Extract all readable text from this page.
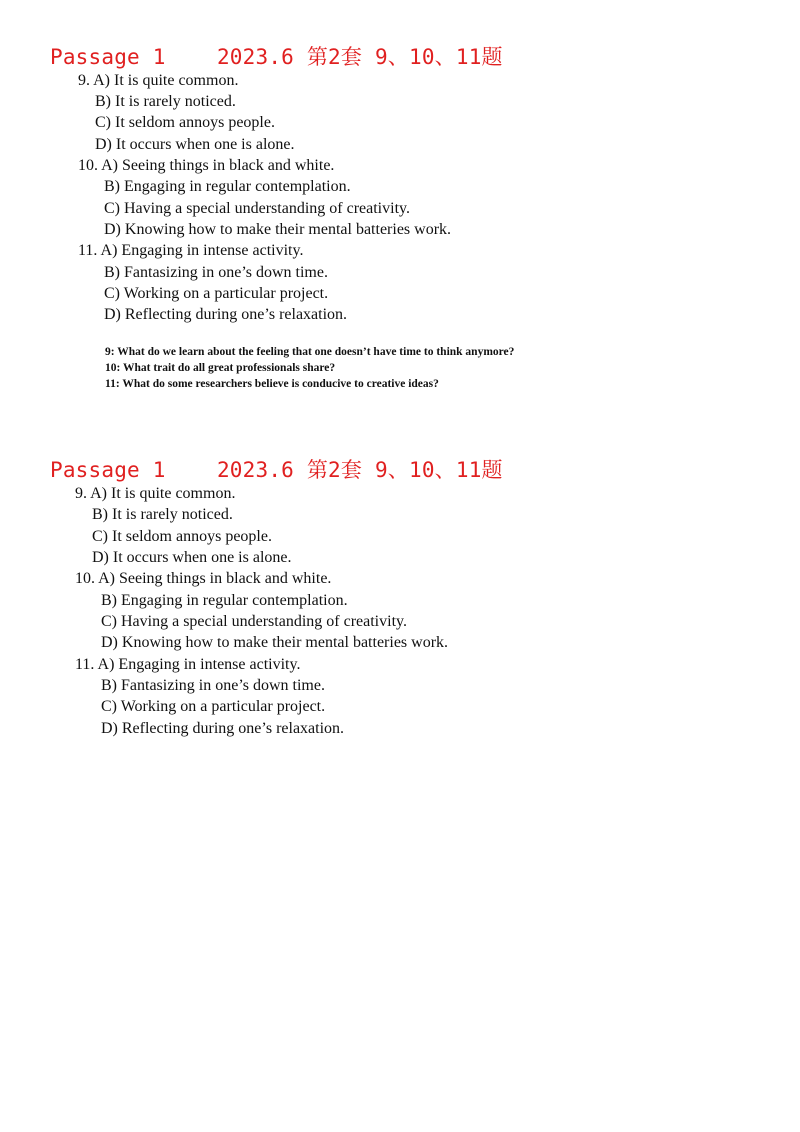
Passage 1    2023.6 第2套 9、10、11题
9. A) It is quite common.
B) It is rarely noticed.
C) It seldom annoys people.
D) It occurs when one is alone.
10. A) Seeing things in black and white.
B) Engaging in regular contemplation.
C) Having a special understanding of creativity.
D) Knowing how to make their mental batteries work.
11. A) Engaging in intense activity.
B) Fantasizing in one’s down time.
C) Working on a particular project.
D) Reflecting during one’s relaxation.
9: What do we learn about the feeling that one doesn’t have time to think anymore?
10: What trait do all great professionals share?
11: What do some researchers believe is conducive to creative ideas?
Passage 1    2023.6 第2套 9、10、11题
9. A) It is quite common.
B) It is rarely noticed.
C) It seldom annoys people.
D) It occurs when one is alone.
10. A) Seeing things in black and white.
B) Engaging in regular contemplation.
C) Having a special understanding of creativity.
D) Knowing how to make their mental batteries work.
11. A) Engaging in intense activity.
B) Fantasizing in one’s down time.
C) Working on a particular project.
D) Reflecting during one’s relaxation.
